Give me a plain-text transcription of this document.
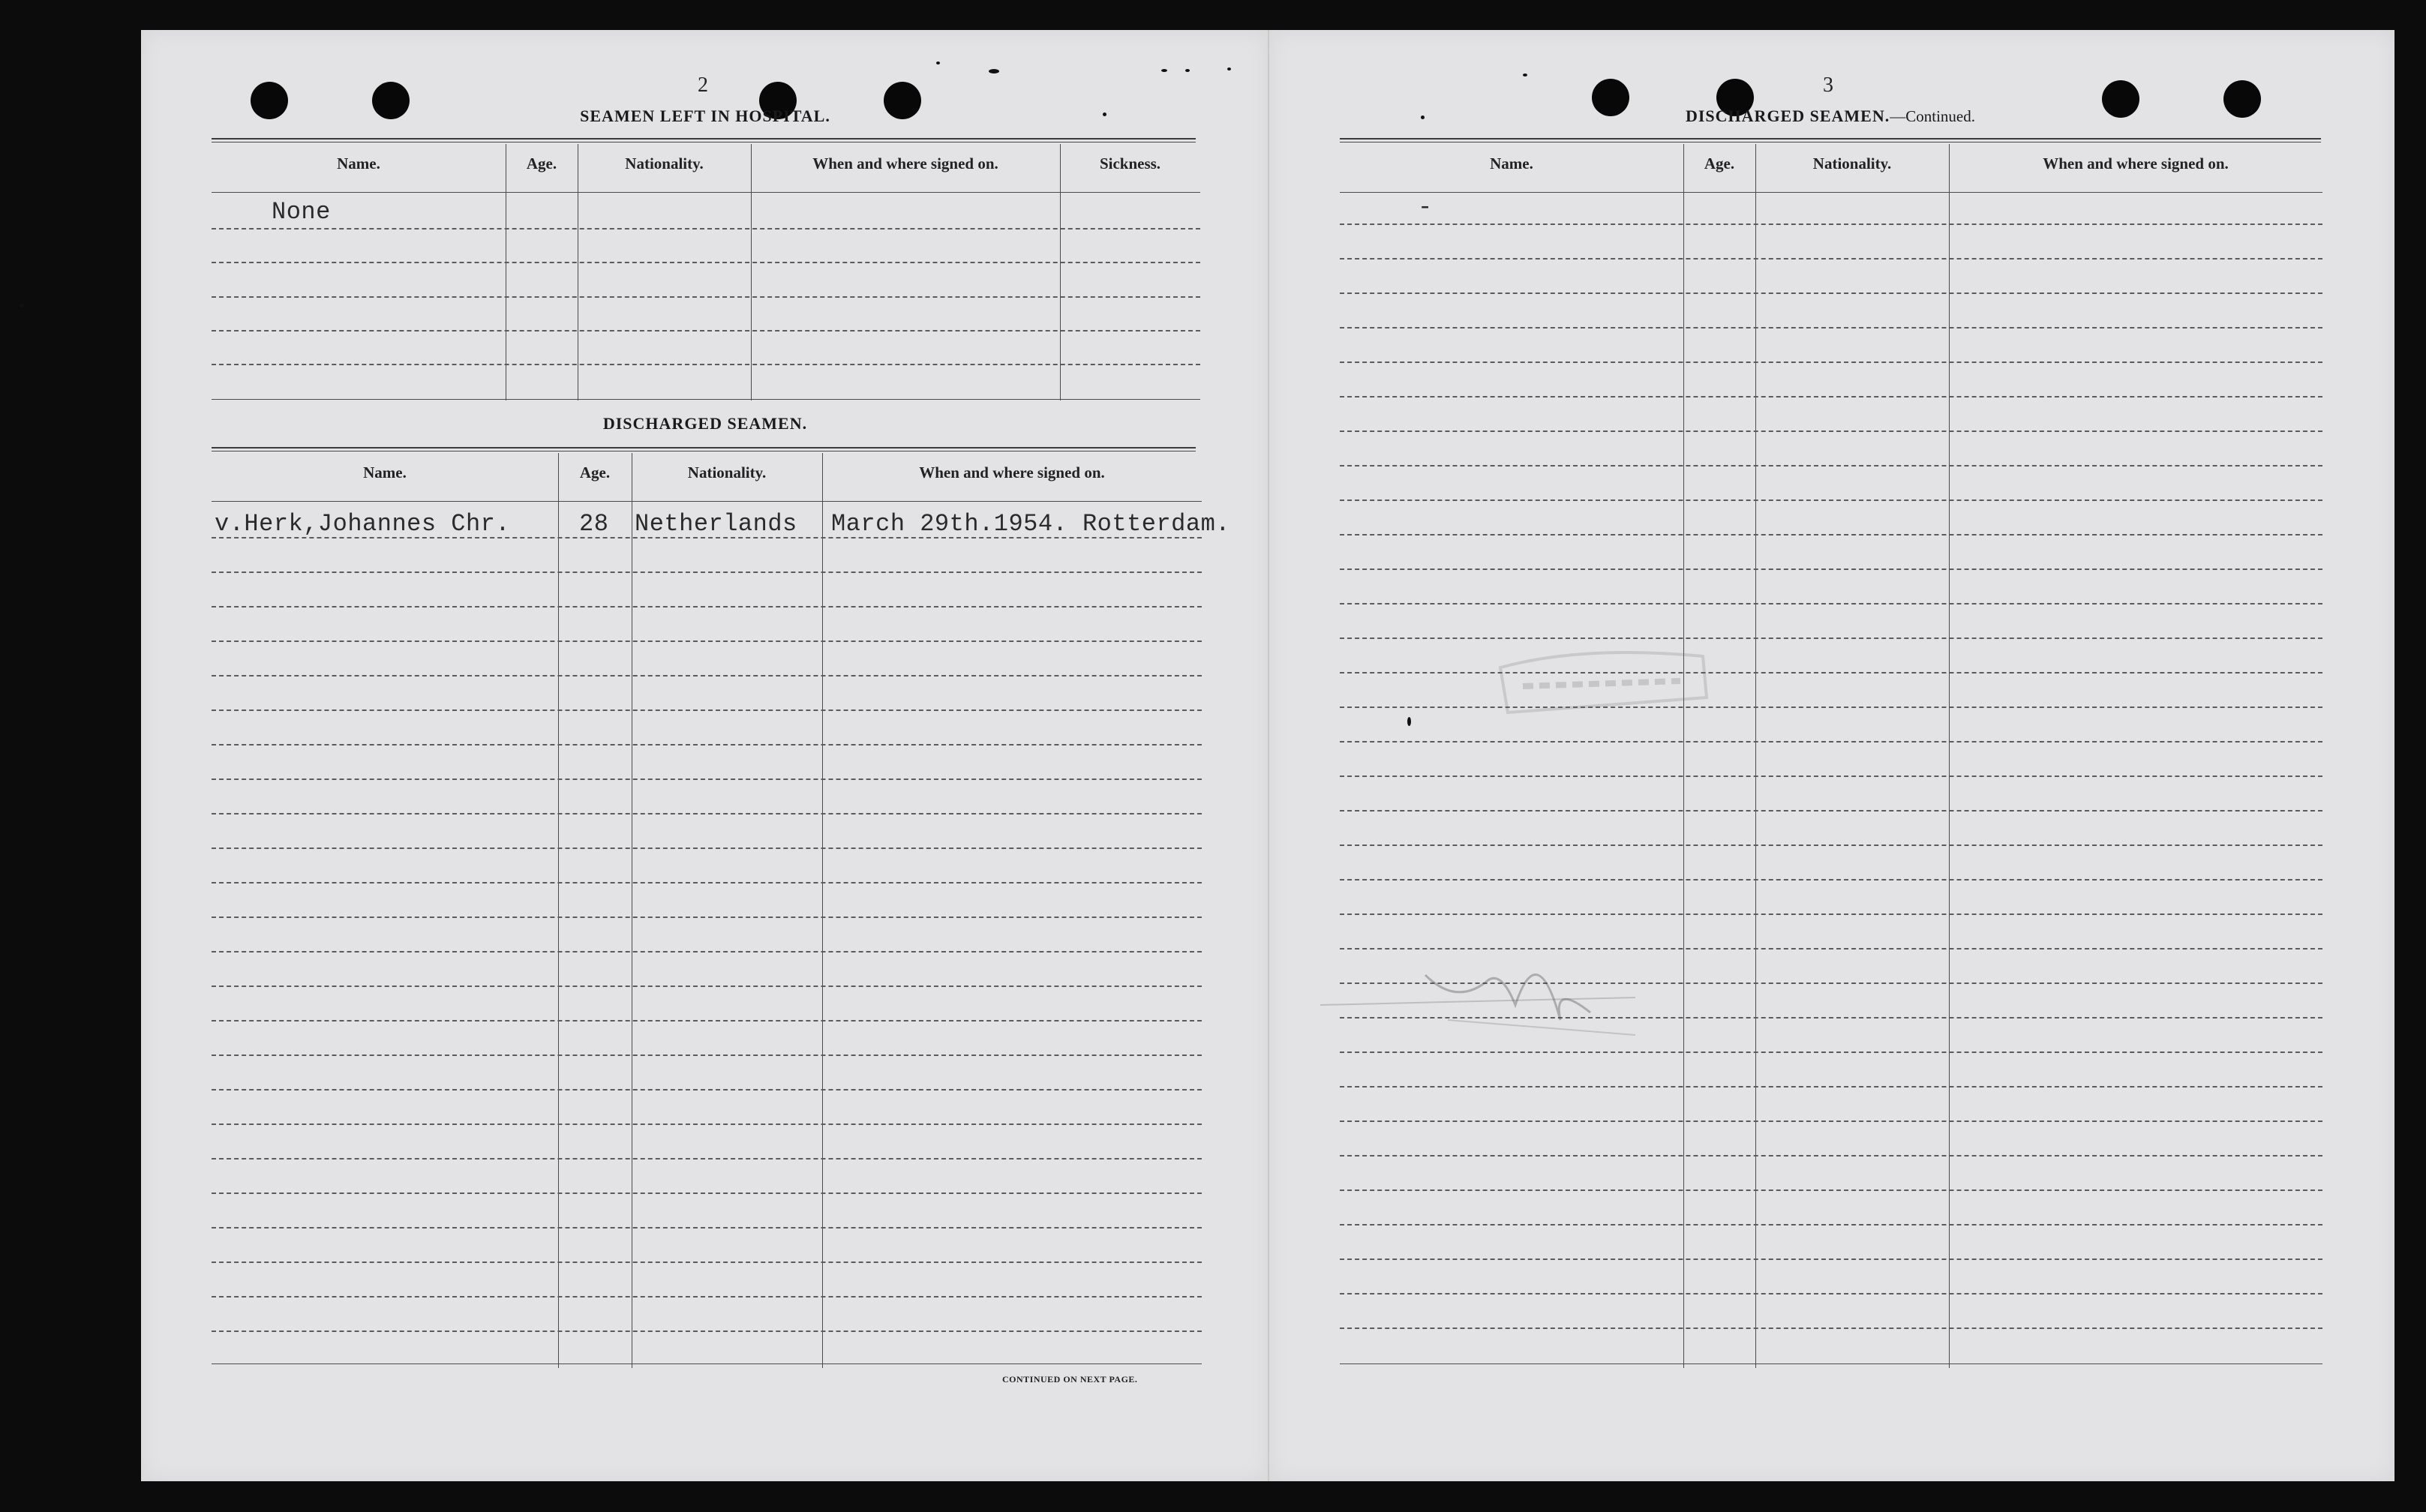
2
SEAMEN LEFT IN HOSPITAL.
Name.	Age.	Nationality.	When and where signed on.	Sickness.
None
DISCHARGED SEAMEN.
Name.	Age.	Nationality.	When and where signed on.
v.Herk,Johannes Chr.	28 Netherlands March 29th.1954. Rotterdam.
CONTINUED ON NEXT PAGE.
3
DISCHARGED SEAMEN.—Continued.
Name.	Age.	Nationality.	When and where signed on.
-
